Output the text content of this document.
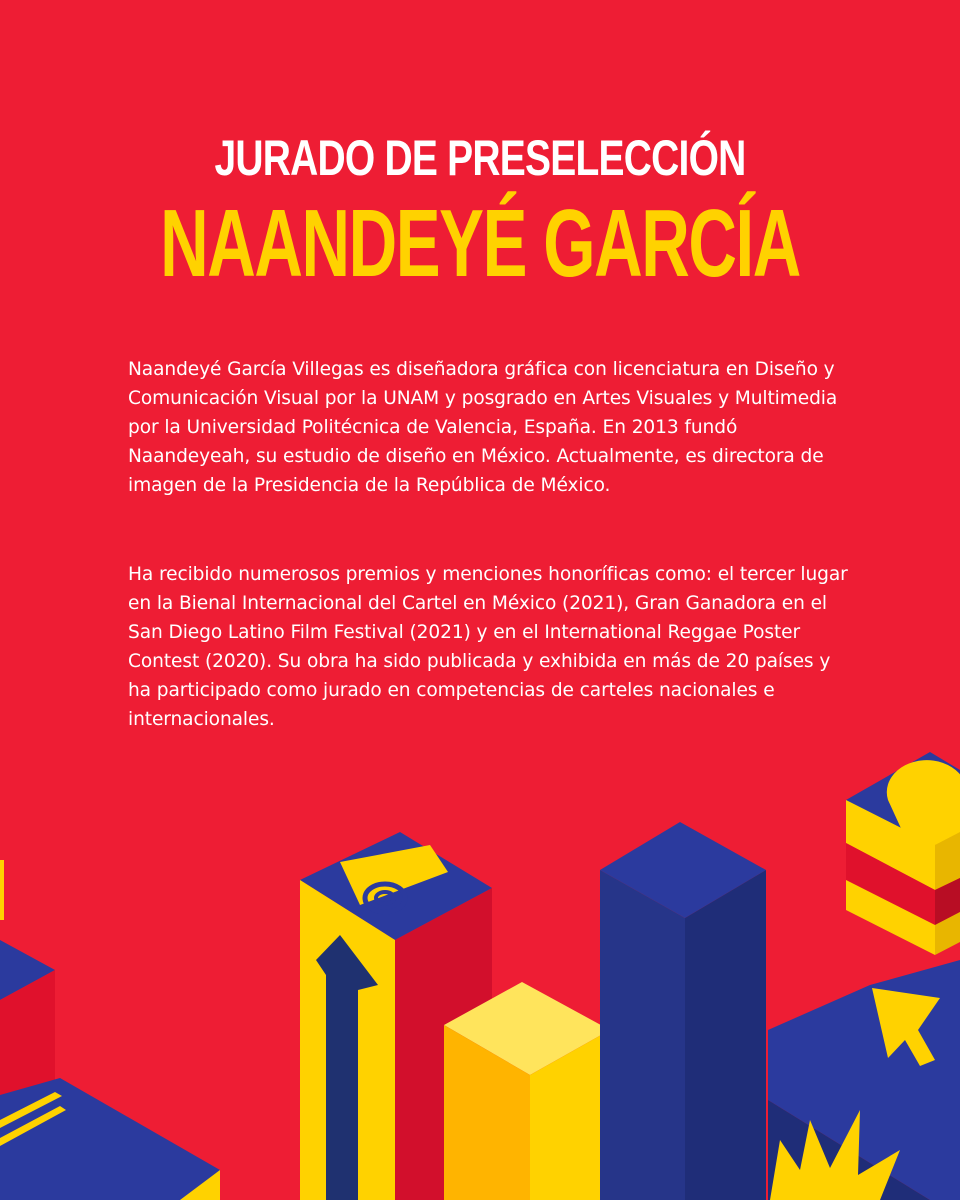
JURADO DE PRESELECCIÓN
NAANDEYÉ GARCÍA

Naandeyé García Villegas es diseñadora gráfica con licenciatura en Diseño y Comunicación Visual por la UNAM y posgrado en Artes Visuales y Multimedia por la Universidad Politécnica de Valencia, España. En 2013 fundó Naandeyeah, su estudio de diseño en México. Actualmente, es directora de imagen de la Presidencia de la República de México.

Ha recibido numerosos premios y menciones honoríficas como: el tercer lugar en la Bienal Internacional del Cartel en México (2021), Gran Ganadora en el San Diego Latino Film Festival (2021) y en el International Reggae Poster Contest (2020). Su obra ha sido publicada y exhibida en más de 20 países y ha participado como jurado en competencias de carteles nacionales e internacionales.
